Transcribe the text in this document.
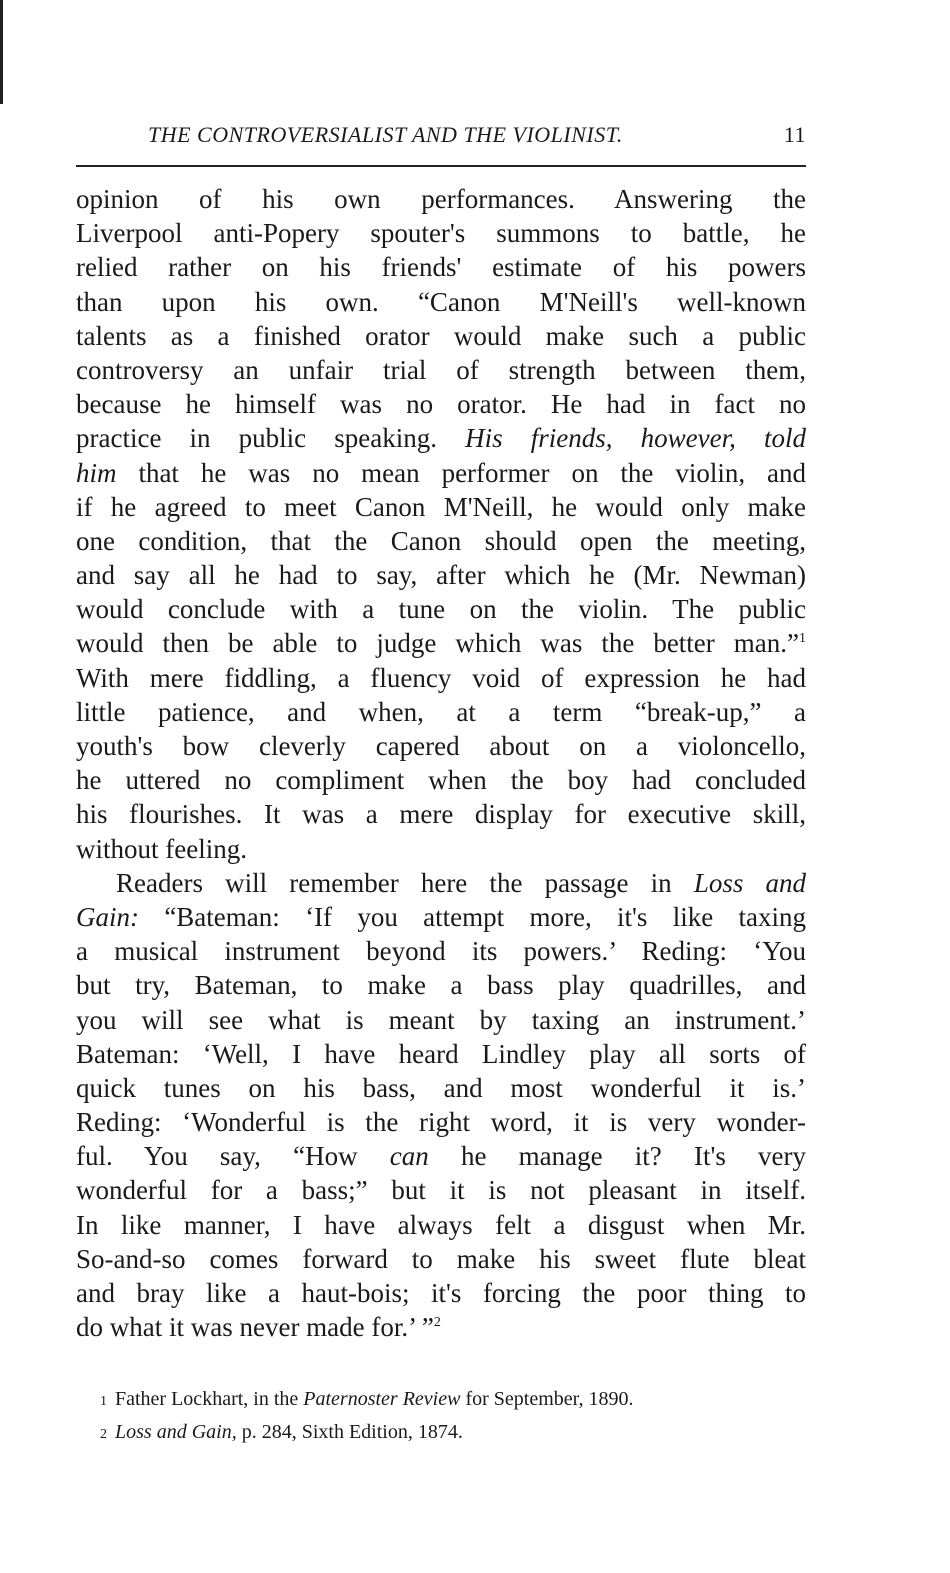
THE CONTROVERSIALIST AND THE VIOLINIST.	11
opinion of his own performances. Answering the
Liverpool anti-Popery spouter's summons to battle, he
relied rather on his friends' estimate of his powers
than upon his own. “Canon M'Neill's well-known
talents as a finished orator would make such a public
controversy an unfair trial of strength between them,
because he himself was no orator. He had in fact no
practice in public speaking. His friends, however, told
him that he was no mean performer on the violin, and
if he agreed to meet Canon M'Neill, he would only make
one condition, that the Canon should open the meeting,
and say all he had to say, after which he (Mr. Newman)
would conclude with a tune on the violin. The public
would then be able to judge which was the better man.”$^1$
With mere fiddling, a fluency void of expression he had
little patience, and when, at a term “break-up,” a
youth's bow cleverly capered about on a violoncello,
he uttered no compliment when the boy had concluded
his flourishes. It was a mere display for executive skill,
without feeling.
Readers will remember here the passage in Loss and
Gain: “Bateman: ‘If you attempt more, it's like taxing
a musical instrument beyond its powers.’ Reding: ‘You
but try, Bateman, to make a bass play quadrilles, and
you will see what is meant by taxing an instrument.’
Bateman: ‘Well, I have heard Lindley play all sorts of
quick tunes on his bass, and most wonderful it is.’
Reding: ‘Wonderful is the right word, it is very wonder-
ful. You say, “How can he manage it? It's very
wonderful for a bass;” but it is not pleasant in itself.
In like manner, I have always felt a disgust when Mr.
So-and-so comes forward to make his sweet flute bleat
and bray like a haut-bois; it's forcing the poor thing to
do what it was never made for.’ ”$^2$
1 Father Lockhart, in the Paternoster Review for September, 1890.
2 Loss and Gain, p. 284, Sixth Edition, 1874.
